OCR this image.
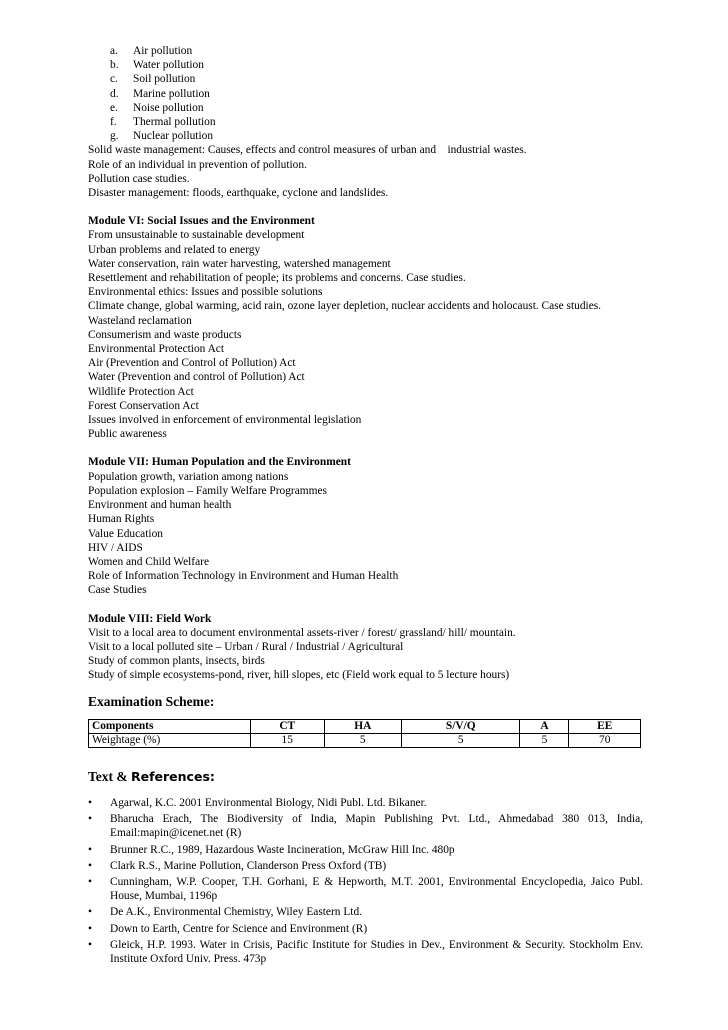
a. Air pollution
b. Water pollution
c. Soil pollution
d. Marine pollution
e. Noise pollution
f. Thermal pollution
g. Nuclear pollution
Solid waste management: Causes, effects and control measures of urban and    industrial wastes.
Role of an individual in prevention of pollution.
Pollution case studies.
Disaster management: floods, earthquake, cyclone and landslides.
Module VI: Social Issues and the Environment
From unsustainable to sustainable development
Urban problems and related to energy
Water conservation, rain water harvesting, watershed management
Resettlement and rehabilitation of people; its problems and concerns. Case studies.
Environmental ethics: Issues and possible solutions
Climate change, global warming, acid rain, ozone layer depletion, nuclear accidents and holocaust. Case studies.
Wasteland reclamation
Consumerism and waste products
Environmental Protection Act
Air (Prevention and Control of Pollution) Act
Water (Prevention and control of Pollution) Act
Wildlife Protection Act
Forest Conservation Act
Issues involved in enforcement of environmental legislation
Public awareness
Module VII: Human Population and the Environment
Population growth, variation among nations
Population explosion – Family Welfare Programmes
Environment and human health
Human Rights
Value Education
HIV / AIDS
Women and Child Welfare
Role of Information Technology in Environment and Human Health
Case Studies
Module VIII: Field Work
Visit to a local area to document environmental assets-river / forest/ grassland/ hill/ mountain.
Visit to a local polluted site – Urban / Rural / Industrial / Agricultural
Study of common plants, insects, birds
Study of simple ecosystems-pond, river, hill slopes, etc (Field work equal to 5 lecture hours)
Examination Scheme:
Components	CT	HA	S/V/Q	A	EE
Weightage (%)	15	5	5	5	70
Text & References:
• Agarwal, K.C. 2001 Environmental Biology, Nidi Publ. Ltd. Bikaner.
• Bharucha Erach, The Biodiversity of India, Mapin Publishing Pvt. Ltd., Ahmedabad 380 013, India, Email:mapin@icenet.net (R)
• Brunner R.C., 1989, Hazardous Waste Incineration, McGraw Hill Inc. 480p
• Clark R.S., Marine Pollution, Clanderson Press Oxford (TB)
• Cunningham, W.P. Cooper, T.H. Gorhani, E & Hepworth, M.T. 2001, Environmental Encyclopedia, Jaico Publ. House, Mumbai, 1196p
• De A.K., Environmental Chemistry, Wiley Eastern Ltd.
• Down to Earth, Centre for Science and Environment (R)
• Gleick, H.P. 1993. Water in Crisis, Pacific Institute for Studies in Dev., Environment & Security. Stockholm Env. Institute Oxford Univ. Press. 473p
